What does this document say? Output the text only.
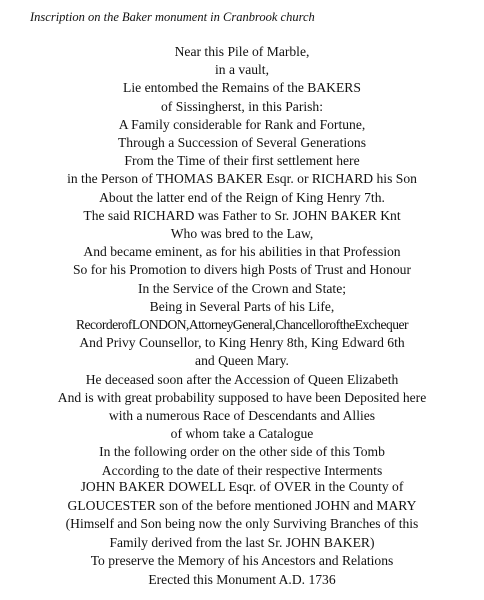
Inscription on the Baker monument in Cranbrook church
Near this Pile of Marble,
in a vault,
Lie entombed the Remains of the BAKERS
of Sissingherst, in this Parish:
A Family considerable for Rank and Fortune,
Through a Succession of Several Generations
From the Time of their first settlement here
in the Person of THOMAS BAKER Esqr. or RICHARD his Son
About the latter end of the Reign of King Henry 7th.
The said RICHARD was Father to Sr. JOHN BAKER Knt
Who was bred to the Law,
And became eminent, as for his abilities in that Profession
So for his Promotion to divers high Posts of Trust and Honour
In the Service of the Crown and State;
Being in Several Parts of his Life,
RecorderofLONDON,AttorneyGeneral,ChancelloroftheExchequer
And Privy Counsellor, to King Henry 8th, King Edward 6th
and Queen Mary.
He deceased soon after the Accession of Queen Elizabeth
And is with great probability supposed to have been Deposited here
with a numerous Race of Descendants and Allies
of whom take a Catalogue
In the following order on the other side of this Tomb
According to the date of their respective Interments
JOHN BAKER DOWELL Esqr. of OVER in the County of
GLOUCESTER son of the before mentioned JOHN and MARY
(Himself and Son being now the only Surviving Branches of this
Family derived from the last Sr. JOHN BAKER)
To preserve the Memory of his Ancestors and Relations
Erected this Monument A.D. 1736
